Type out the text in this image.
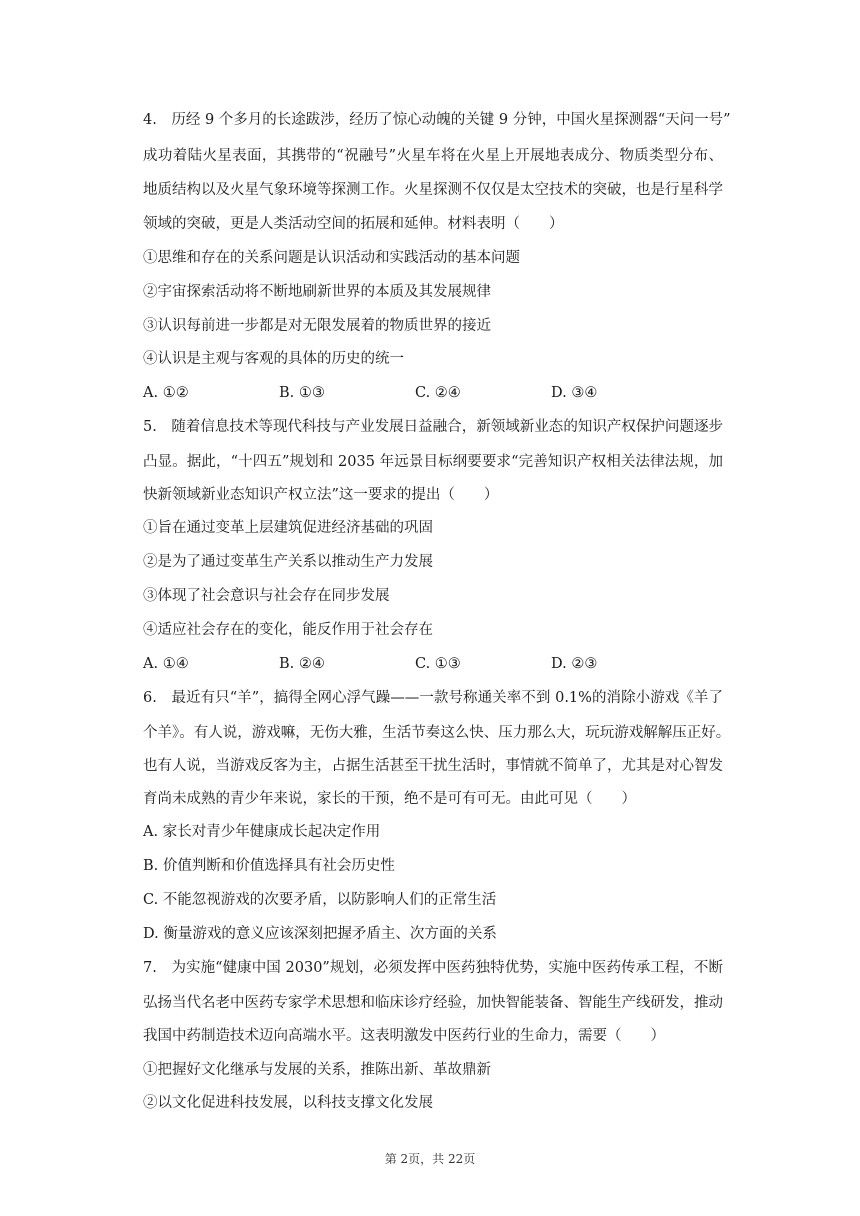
4.　历经 9 个多月的长途跋涉，经历了惊心动魄的关键 9 分钟，中国火星探测器“天问一号”
成功着陆火星表面，其携带的“祝融号”火星车将在火星上开展地表成分、物质类型分布、
地质结构以及火星气象环境等探测工作。火星探测不仅仅是太空技术的突破，也是行星科学
领域的突破，更是人类活动空间的拓展和延伸。材料表明（　　）
①思维和存在的关系问题是认识活动和实践活动的基本问题
②宇宙探索活动将不断地刷新世界的本质及其发展规律
③认识每前进一步都是对无限发展着的物质世界的接近
④认识是主观与客观的具体的历史的统一
A. ①②	B. ①③	C. ②④	D. ③④
5.　随着信息技术等现代科技与产业发展日益融合，新领域新业态的知识产权保护问题逐步
凸显。据此，“十四五”规划和 2035 年远景目标纲要要求“完善知识产权相关法律法规，加
快新领域新业态知识产权立法”这一要求的提出（　　）
①旨在通过变革上层建筑促进经济基础的巩固
②是为了通过变革生产关系以推动生产力发展
③体现了社会意识与社会存在同步发展
④适应社会存在的变化，能反作用于社会存在
A. ①④	B. ②④	C. ①③	D. ②③
6.　最近有只“羊”，搞得全网心浮气躁——一款号称通关率不到 0.1%的消除小游戏《羊了
个羊》。有人说，游戏嘛，无伤大雅，生活节奏这么快、压力那么大，玩玩游戏解解压正好。
也有人说，当游戏反客为主，占据生活甚至干扰生活时，事情就不简单了，尤其是对心智发
育尚未成熟的青少年来说，家长的干预，绝不是可有可无。由此可见（　　）
A. 家长对青少年健康成长起决定作用
B. 价值判断和价值选择具有社会历史性
C. 不能忽视游戏的次要矛盾，以防影响人们的正常生活
D. 衡量游戏的意义应该深刻把握矛盾主、次方面的关系
7.　为实施“健康中国 2030”规划，必须发挥中医药独特优势，实施中医药传承工程，不断
弘扬当代名老中医药专家学术思想和临床诊疗经验，加快智能装备、智能生产线研发，推动
我国中药制造技术迈向高端水平。这表明激发中医药行业的生命力，需要（　　）
①把握好文化继承与发展的关系，推陈出新、革故鼎新
②以文化促进科技发展，以科技支撑文化发展
第 2页，共 22页
